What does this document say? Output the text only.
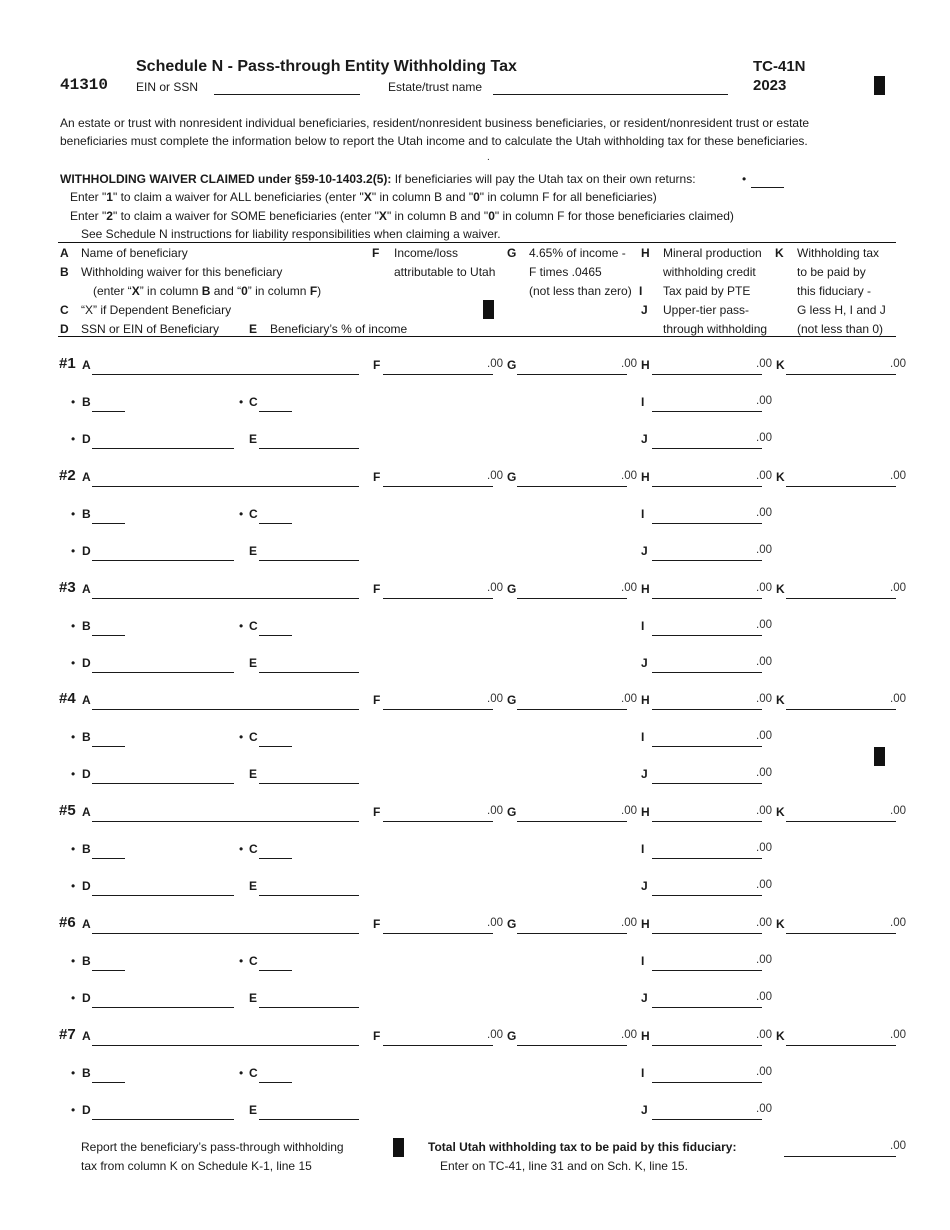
41310
Schedule N - Pass-through Entity Withholding Tax	TC-41N
2023
EIN or SSN	Estate/trust name
An estate or trust with nonresident individual beneficiaries, resident/nonresident business beneficiaries, or resident/nonresident trust or estate
beneficiaries must complete the information below to report the Utah income and to calculate the Utah withholding tax for these beneficiaries.
.
WITHHOLDING WAIVER CLAIMED under §59-10-1403.2(5): If beneficiaries will pay the Utah tax on their own returns:	•
Enter "1" to claim a waiver for ALL beneficiaries (enter "X" in column B and "0" in column F for all beneficiaries)
Enter "2" to claim a waiver for SOME beneficiaries (enter "X" in column B and "0" in column F for those beneficiaries claimed)
See Schedule N instructions for liability responsibilities when claiming a waiver.
A Name of beneficiary
B Withholding waiver for this beneficiary
(enter “X” in column B and “0” in column F)
C “X” if Dependent Beneficiary
D SSN or EIN of Beneficiary E Beneficiary’s % of income
F Income/loss
attributable to Utah
G 4.65% of income -
F times .0465
(not less than zero)
H Mineral production
withholding credit
I Tax paid by PTE
J Upper-tier pass-
through withholding
K Withholding tax
to be paid by
this fiduciary -
G less H, I and J
(not less than 0)
#1 A	F	.00 G	.00 H	.00 K	.00
• B	• C	I	.00
• D	E	J	.00
#2 A	F	.00 G	.00 H	.00 K	.00
• B	• C	I	.00
• D	E	J	.00
#3 A	F	.00 G	.00 H	.00 K	.00
• B	• C	I	.00
• D	E	J	.00
#4 A	F	.00 G	.00 H	.00 K	.00
• B	• C	I	.00
• D	E	J	.00
#5 A	F	.00 G	.00 H	.00 K	.00
• B	• C	I	.00
• D	E	J	.00
#6 A	F	.00 G	.00 H	.00 K	.00
• B	• C	I	.00
• D	E	J	.00
#7 A	F	.00 G	.00 H	.00 K	.00
• B	• C	I	.00
• D	E	J	.00
Report the beneficiary’s pass-through withholding
tax from column K on Schedule K-1, line 15
Total Utah withholding tax to be paid by this fiduciary:
Enter on TC-41, line 31 and on Sch. K, line 15.
.00
